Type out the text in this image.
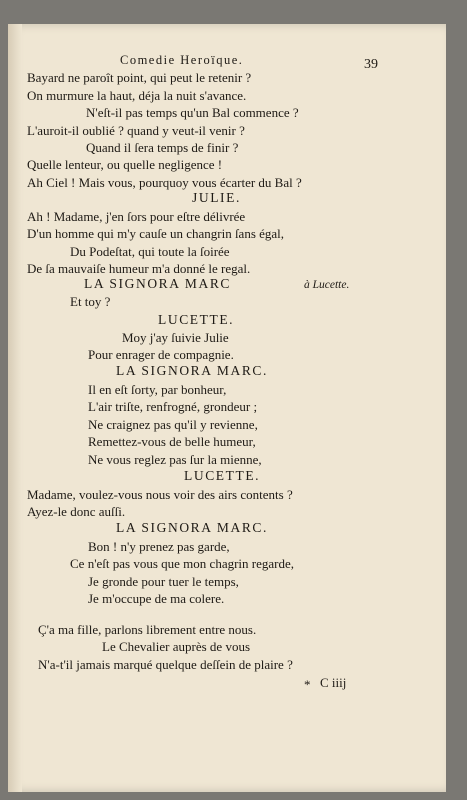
Comedie Heroïque.	39
Bayard ne paroît point, qui peut le retenir ?
On murmure la haut, déja la nuit s'avance.
N'eſt-il pas temps qu'un Bal commence ?
L'auroit-il oublié ? quand y veut-il venir ?
Quand il ſera temps de finir ?
Quelle lenteur, ou quelle negligence !
Ah Ciel ! Mais vous, pourquoy vous écarter du Bal ?
JULIE.
Ah ! Madame, j'en ſors pour eſtre délivrée
D'un homme qui m'y cauſe un changrin ſans égal,
Du Podeſtat, qui toute la ſoirée
De ſa mauvaiſe humeur m'a donné le regal.
LA SIGNORA MARC	à Lucette.
Et toy ?
LUCETTE.
Moy j'ay ſuivie Julie
Pour enrager de compagnie.
LA SIGNORA MARC.
Il en eſt ſorty, par bonheur,
L'air triſte, renfrogné, grondeur ;
Ne craignez pas qu'il y revienne,
Remettez-vous de belle humeur,
Ne vous reglez pas ſur la mienne,
LUCETTE.
Madame, voulez-vous nous voir des airs contents ?
Ayez-le donc auſſi.
LA SIGNORA MARC.
Bon ! n'y prenez pas garde,
Ce n'eſt pas vous que mon chagrin regarde,
Je gronde pour tuer le temps,
Je m'occupe de ma colere.
Ç'a ma fille, parlons librement entre nous.
Le Chevalier auprès de vous
N'a-t'il jamais marqué quelque deſſein de plaire ?
* C iiij
